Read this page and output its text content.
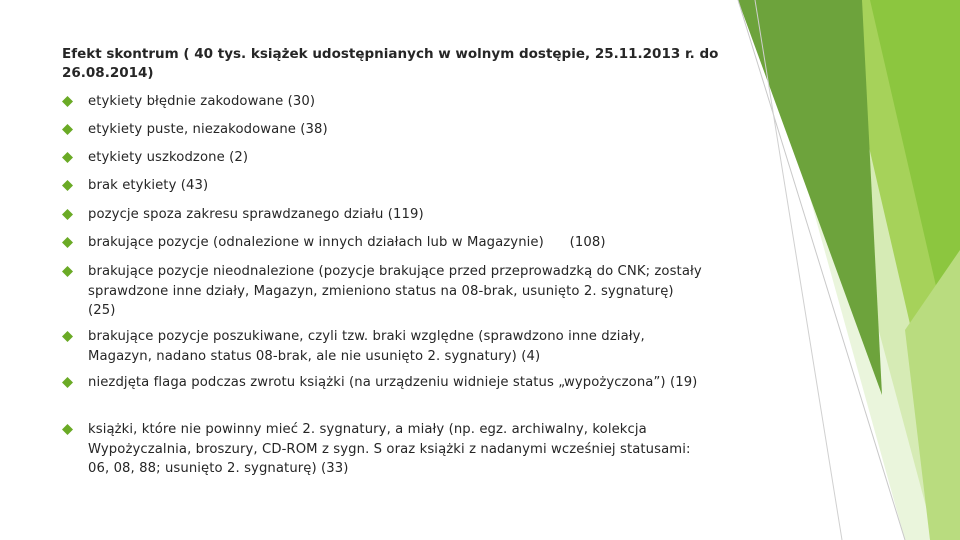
Efekt skontrum ( 40 tys. książek udostępnianych w wolnym dostępie, 25.11.2013 r. do 26.08.2014)
etykiety błędnie zakodowane (30)
etykiety puste, niezakodowane (38)
etykiety uszkodzone (2)
brak etykiety (43)
pozycje spoza zakresu sprawdzanego działu (119)
brakujące pozycje (odnalezione w innych działach lub w Magazynie)      (108)
brakujące pozycje nieodnalezione (pozycje brakujące przed przeprowadzką do CNK; zostały sprawdzone inne działy, Magazyn, zmieniono status na 08-brak, usunięto 2. sygnaturę) (25)
brakujące pozycje poszukiwane, czyli tzw. braki względne (sprawdzono inne działy, Magazyn, nadano status 08-brak, ale nie usunięto 2. sygnatury) (4)
niezdjęta flaga podczas zwrotu książki (na urządzeniu widnieje status „wypożyczona”) (19)
książki, które nie powinny mieć 2. sygnatury, a miały (np. egz. archiwalny, kolekcja Wypożyczalnia, broszury, CD-ROM z sygn. S oraz książki z nadanymi wcześniej statusami: 06, 08, 88; usunięto 2. sygnaturę) (33)
